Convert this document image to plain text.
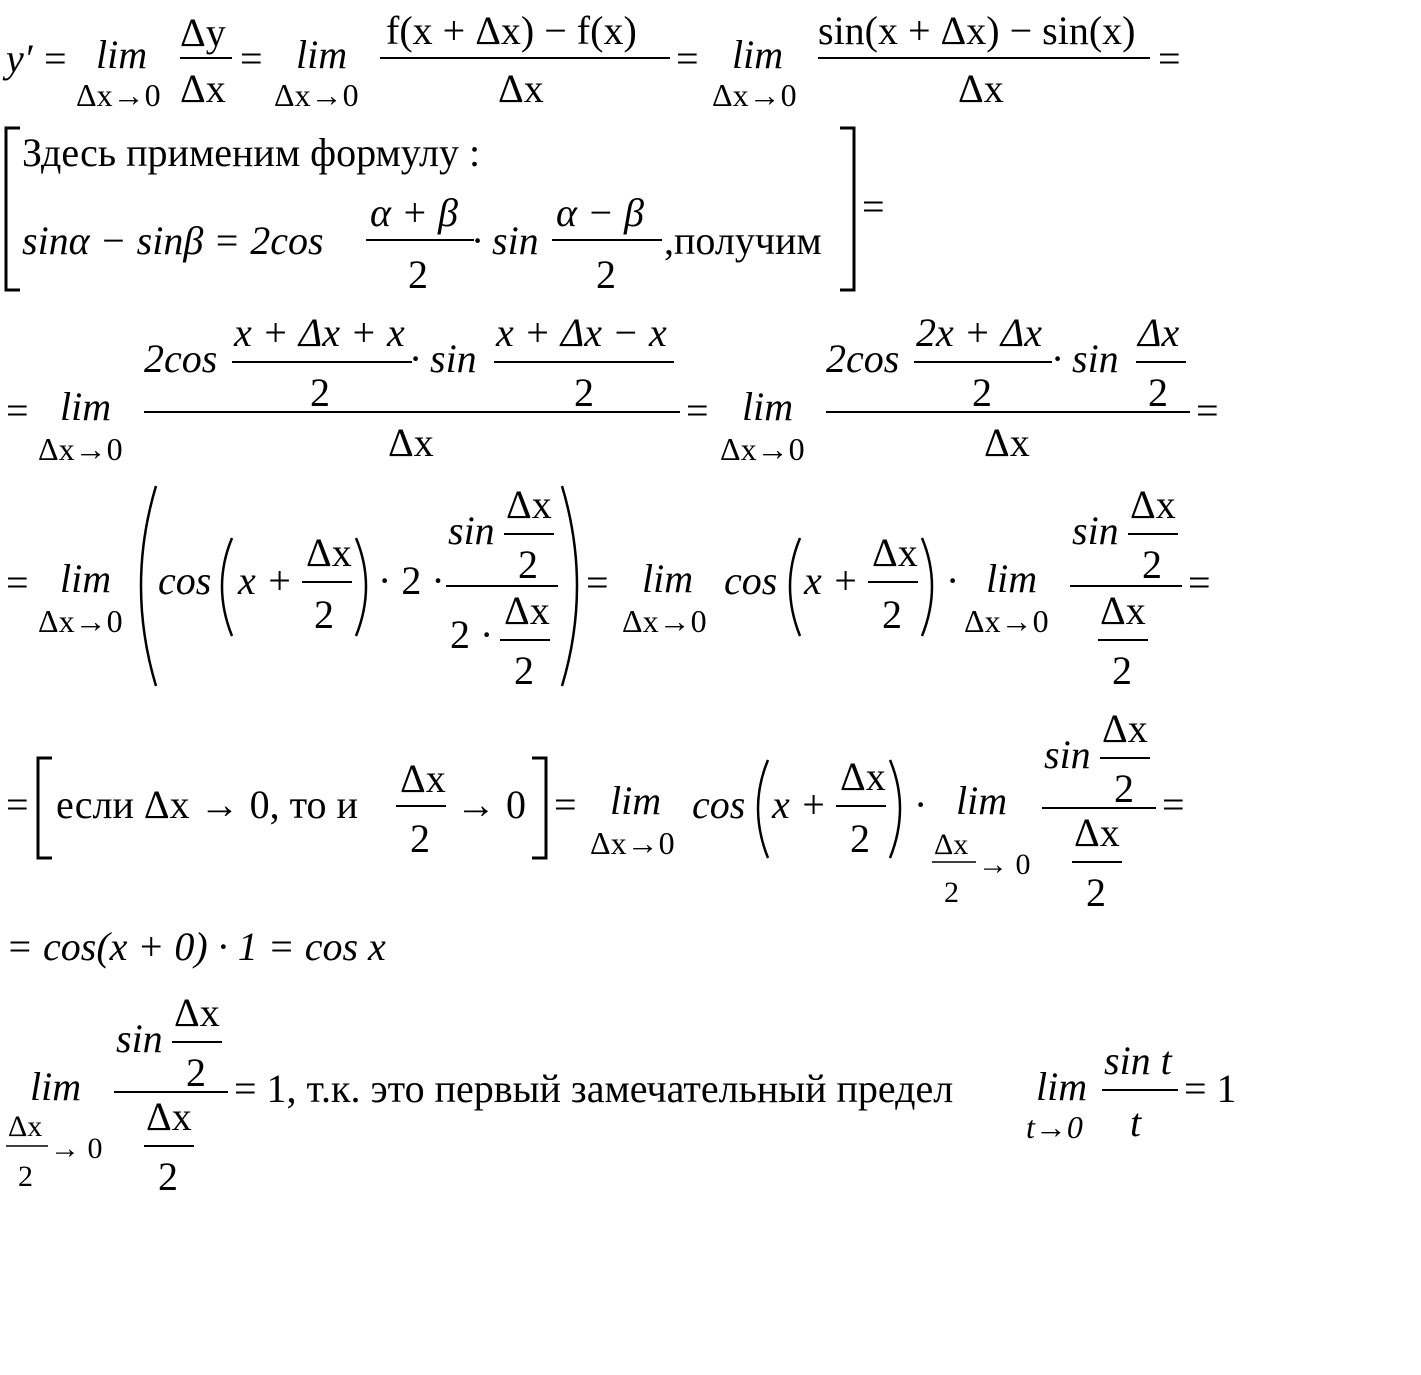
y′ = lim
Δx→0
Δy
Δx
= lim
Δx→0
f(x + Δx) − f(x)
Δx
= lim
Δx→0
sin(x + Δx) − sin(x)
Δx
=
Здесь применим формулу :
sinα − sinβ = 2cos
α + β
2
· sin
α − β
2
,получим
=
= lim
Δx→0
2cos
x + Δx + x
2
· sin
x + Δx − x
2
Δx
= lim
Δx→0
2cos
2x + Δx
2
· sin
Δx
2
Δx
=
= lim
Δx→0
cos x +
Δx
2
· 2 ·
sin
Δx
2
2 ·
Δx
2
= lim
Δx→0
cos x +
Δx
2
· lim
Δx→0
sin
Δx
2
Δx
2
=
= если Δx → 0, то и
Δx
2
→ 0 = lim
Δx→0
cos x +
Δx
2
· lim
Δx
2
→ 0
sin
Δx
2
Δx
2
=
= cos(x + 0) · 1 = cos x
lim
Δx
2
→ 0
sin
Δx
2
Δx
2
= 1, т.к. это первый замечательный предел lim
t→0
sin t
t
= 1
